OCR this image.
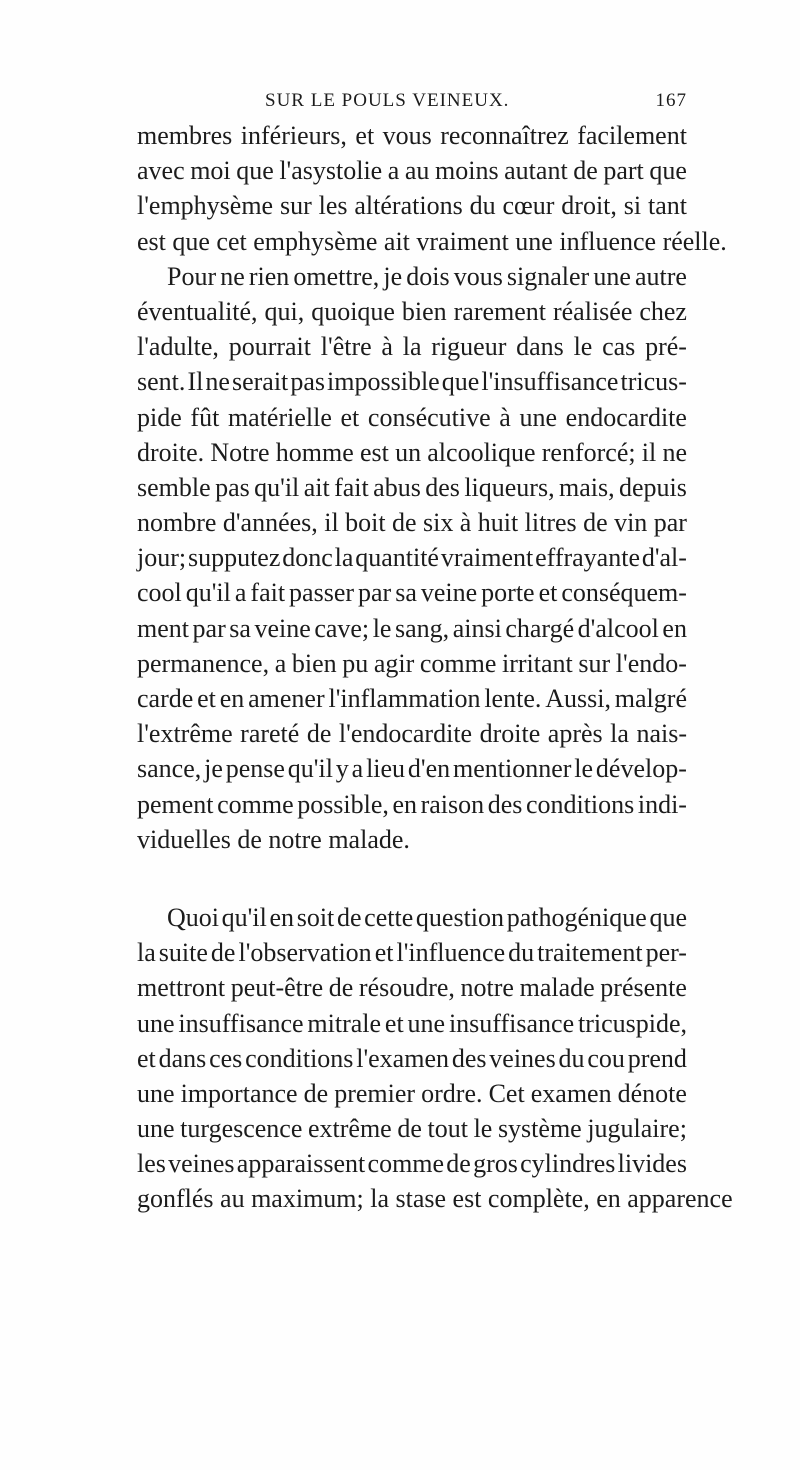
SUR LE POULS VEINEUX.	167
membres inférieurs, et vous reconnaîtrez facilement
avec moi que l'asystolie a au moins autant de part que
l'emphysème sur les altérations du cœur droit, si tant
est que cet emphysème ait vraiment une influence réelle.
Pour ne rien omettre, je dois vous signaler une autre
éventualité, qui, quoique bien rarement réalisée chez
l'adulte, pourrait l'être à la rigueur dans le cas pré-
sent. Il ne serait pas impossible que l'insuffisance tricus-
pide fût matérielle et consécutive à une endocardite
droite. Notre homme est un alcoolique renforcé; il ne
semble pas qu'il ait fait abus des liqueurs, mais, depuis
nombre d'années, il boit de six à huit litres de vin par
jour; supputez donc la quantité vraiment effrayante d'al-
cool qu'il a fait passer par sa veine porte et conséquem-
ment par sa veine cave; le sang, ainsi chargé d'alcool en
permanence, a bien pu agir comme irritant sur l'endo-
carde et en amener l'inflammation lente. Aussi, malgré
l'extrême rareté de l'endocardite droite après la nais-
sance, je pense qu'il y a lieu d'en mentionner le dévelop-
pement comme possible, en raison des conditions indi-
viduelles de notre malade.
Quoi qu'il en soit de cette question pathogénique que
la suite de l'observation et l'influence du traitement per-
mettront peut-être de résoudre, notre malade présente
une insuffisance mitrale et une insuffisance tricuspide,
et dans ces conditions l'examen des veines du cou prend
une importance de premier ordre. Cet examen dénote
une turgescence extrême de tout le système jugulaire;
les veines apparaissent comme de gros cylindres livides
gonflés au maximum; la stase est complète, en apparence
